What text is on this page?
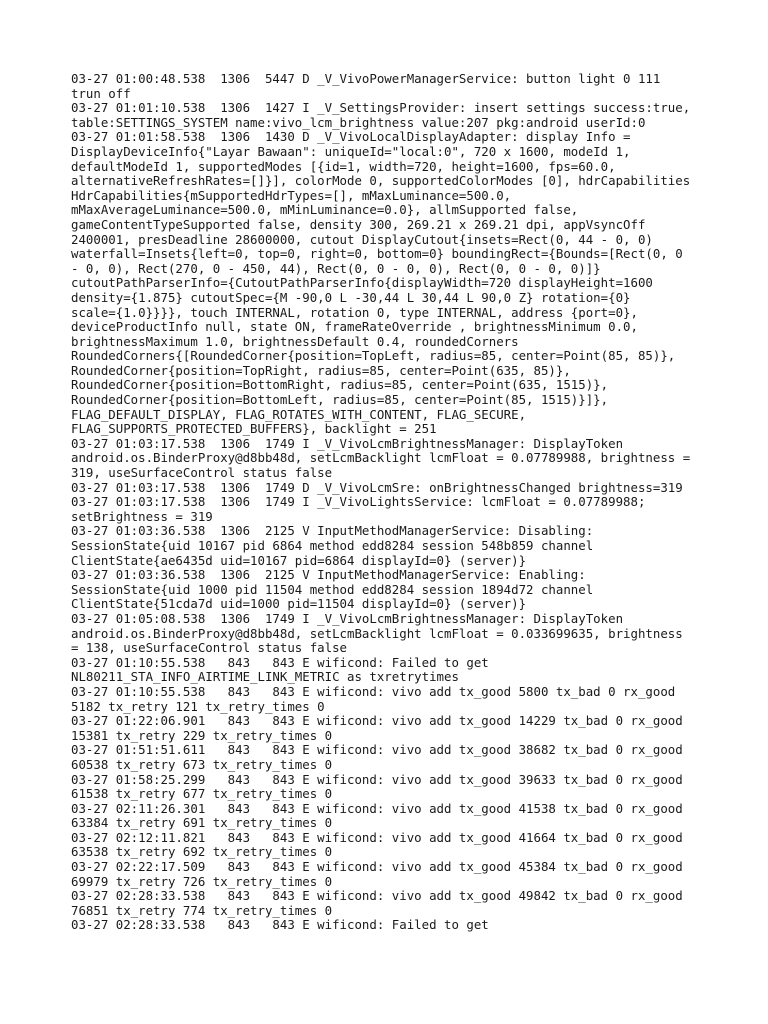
03-27 01:00:48.538  1306  5447 D _V_VivoPowerManagerService: button light 0 111
trun off
03-27 01:01:10.538  1306  1427 I _V_SettingsProvider: insert settings success:true,
table:SETTINGS_SYSTEM name:vivo_lcm_brightness value:207 pkg:android userId:0
03-27 01:01:58.538  1306  1430 D _V_VivoLocalDisplayAdapter: display Info =
DisplayDeviceInfo{"Layar Bawaan": uniqueId="local:0", 720 x 1600, modeId 1,
defaultModeId 1, supportedModes [{id=1, width=720, height=1600, fps=60.0,
alternativeRefreshRates=[]}], colorMode 0, supportedColorModes [0], hdrCapabilities
HdrCapabilities{mSupportedHdrTypes=[], mMaxLuminance=500.0,
mMaxAverageLuminance=500.0, mMinLuminance=0.0}, allmSupported false,
gameContentTypeSupported false, density 300, 269.21 x 269.21 dpi, appVsyncOff
2400001, presDeadline 28600000, cutout DisplayCutout{insets=Rect(0, 44 - 0, 0)
waterfall=Insets{left=0, top=0, right=0, bottom=0} boundingRect={Bounds=[Rect(0, 0
- 0, 0), Rect(270, 0 - 450, 44), Rect(0, 0 - 0, 0), Rect(0, 0 - 0, 0)]}
cutoutPathParserInfo={CutoutPathParserInfo{displayWidth=720 displayHeight=1600
density={1.875} cutoutSpec={M -90,0 L -30,44 L 30,44 L 90,0 Z} rotation={0}
scale={1.0}}}}, touch INTERNAL, rotation 0, type INTERNAL, address {port=0},
deviceProductInfo null, state ON, frameRateOverride , brightnessMinimum 0.0,
brightnessMaximum 1.0, brightnessDefault 0.4, roundedCorners
RoundedCorners{[RoundedCorner{position=TopLeft, radius=85, center=Point(85, 85)},
RoundedCorner{position=TopRight, radius=85, center=Point(635, 85)},
RoundedCorner{position=BottomRight, radius=85, center=Point(635, 1515)},
RoundedCorner{position=BottomLeft, radius=85, center=Point(85, 1515)}]},
FLAG_DEFAULT_DISPLAY, FLAG_ROTATES_WITH_CONTENT, FLAG_SECURE,
FLAG_SUPPORTS_PROTECTED_BUFFERS}, backlight = 251
03-27 01:03:17.538  1306  1749 I _V_VivoLcmBrightnessManager: DisplayToken
android.os.BinderProxy@d8bb48d, setLcmBacklight lcmFloat = 0.07789988, brightness =
319, useSurfaceControl status false
03-27 01:03:17.538  1306  1749 D _V_VivoLcmSre: onBrightnessChanged brightness=319
03-27 01:03:17.538  1306  1749 I _V_VivoLightsService: lcmFloat = 0.07789988;
setBrightness = 319
03-27 01:03:36.538  1306  2125 V InputMethodManagerService: Disabling:
SessionState{uid 10167 pid 6864 method edd8284 session 548b859 channel
ClientState{ae6435d uid=10167 pid=6864 displayId=0} (server)}
03-27 01:03:36.538  1306  2125 V InputMethodManagerService: Enabling:
SessionState{uid 1000 pid 11504 method edd8284 session 1894d72 channel
ClientState{51cda7d uid=1000 pid=11504 displayId=0} (server)}
03-27 01:05:08.538  1306  1749 I _V_VivoLcmBrightnessManager: DisplayToken
android.os.BinderProxy@d8bb48d, setLcmBacklight lcmFloat = 0.033699635, brightness
= 138, useSurfaceControl status false
03-27 01:10:55.538   843   843 E wificond: Failed to get
NL80211_STA_INFO_AIRTIME_LINK_METRIC as txretrytimes
03-27 01:10:55.538   843   843 E wificond: vivo add tx_good 5800 tx_bad 0 rx_good
5182 tx_retry 121 tx_retry_times 0
03-27 01:22:06.901   843   843 E wificond: vivo add tx_good 14229 tx_bad 0 rx_good
15381 tx_retry 229 tx_retry_times 0
03-27 01:51:51.611   843   843 E wificond: vivo add tx_good 38682 tx_bad 0 rx_good
60538 tx_retry 673 tx_retry_times 0
03-27 01:58:25.299   843   843 E wificond: vivo add tx_good 39633 tx_bad 0 rx_good
61538 tx_retry 677 tx_retry_times 0
03-27 02:11:26.301   843   843 E wificond: vivo add tx_good 41538 tx_bad 0 rx_good
63384 tx_retry 691 tx_retry_times 0
03-27 02:12:11.821   843   843 E wificond: vivo add tx_good 41664 tx_bad 0 rx_good
63538 tx_retry 692 tx_retry_times 0
03-27 02:22:17.509   843   843 E wificond: vivo add tx_good 45384 tx_bad 0 rx_good
69979 tx_retry 726 tx_retry_times 0
03-27 02:28:33.538   843   843 E wificond: vivo add tx_good 49842 tx_bad 0 rx_good
76851 tx_retry 774 tx_retry_times 0
03-27 02:28:33.538   843   843 E wificond: Failed to get
